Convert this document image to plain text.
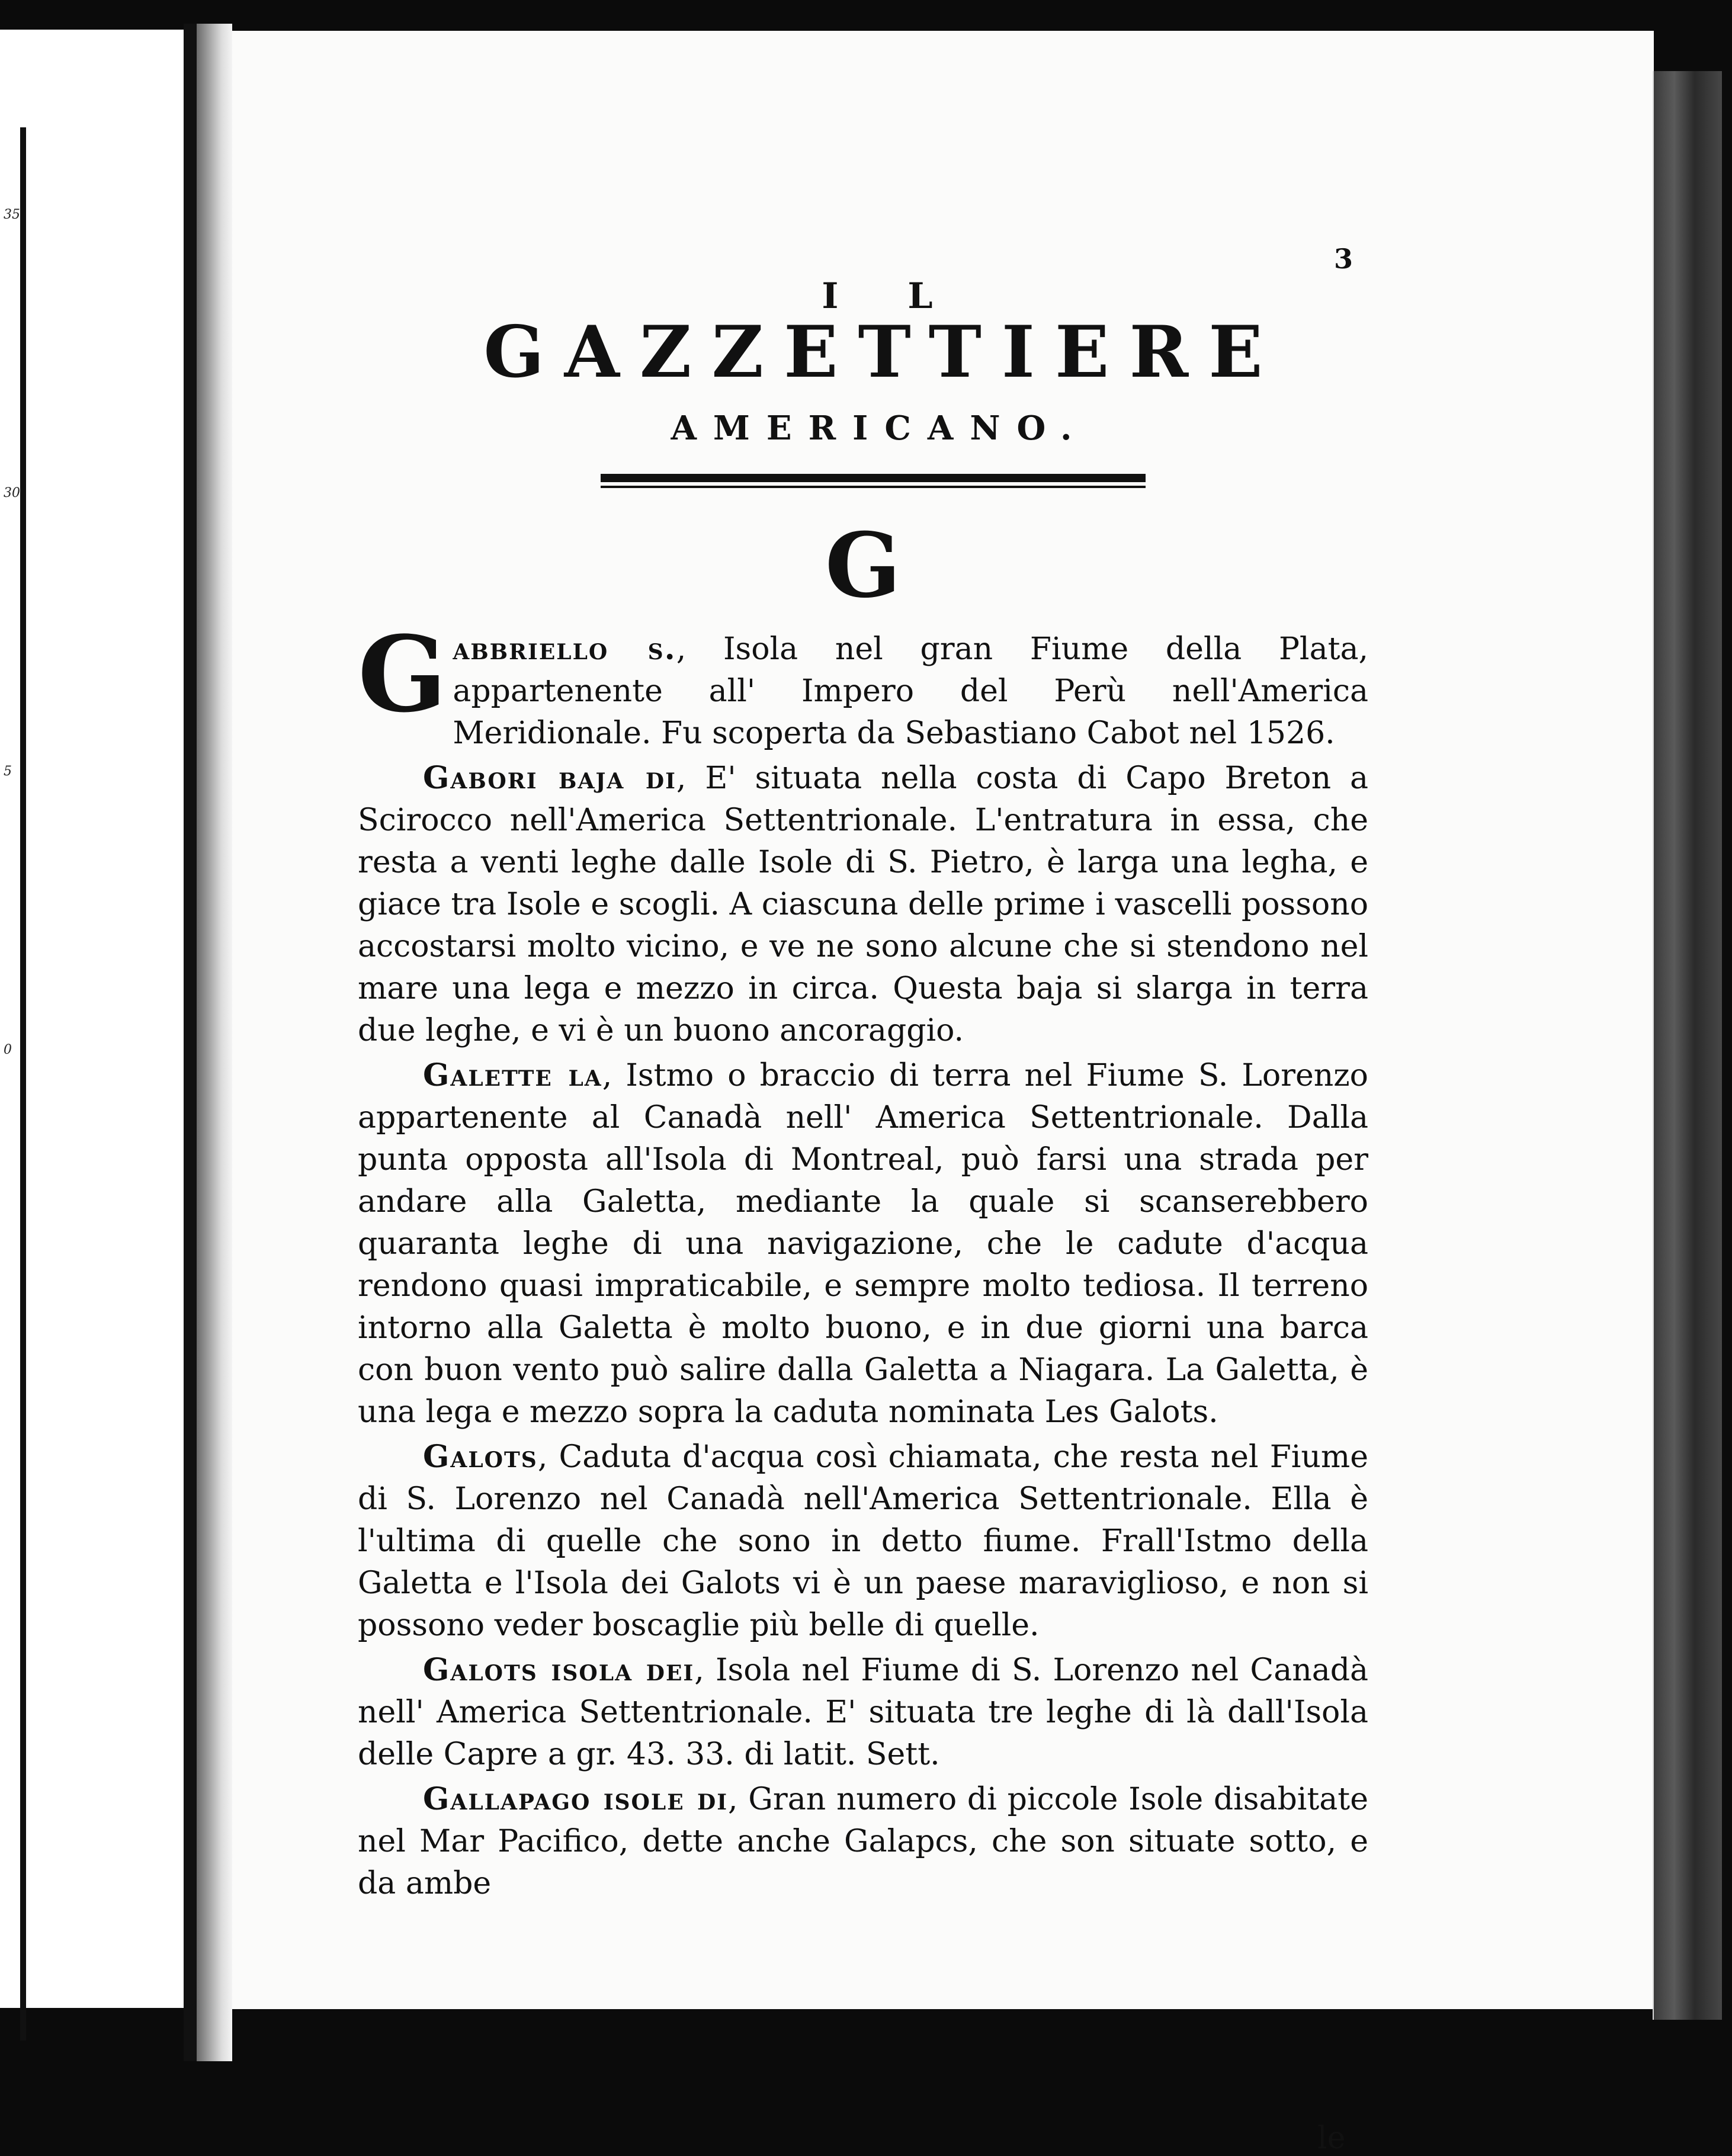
35
30
5
0
3
I L
GAZZETTIERE
AMERICANO.
G

Gabbriello s., Isola nel gran Fiume della Plata, appartenente all' Impero del Perù nell'America Meridionale. Fu scoperta da Sebastiano Cabot nel 1526.

Gabori baja di, E' situata nella costa di Capo Breton a Scirocco nell'America Settentrionale. L'entratura in essa, che resta a venti leghe dalle Isole di S. Pietro, è larga una legha, e giace tra Isole e scogli. A ciascuna delle prime i vascelli possono accostarsi molto vicino, e ve ne sono alcune che si stendono nel mare una lega e mezzo in circa. Questa baja si slarga in terra due leghe, e vi è un buono ancoraggio.

Galette la, Istmo o braccio di terra nel Fiume S. Lorenzo appartenente al Canadà nell' America Settentrionale. Dalla punta opposta all'Isola di Montreal, può farsi una strada per andare alla Galetta, mediante la quale si scanserebbero quaranta leghe di una navigazione, che le cadute d'acqua rendono quasi impraticabile, e sempre molto tediosa. Il terreno intorno alla Galetta è molto buono, e in due giorni una barca con buon vento può salire dalla Galetta a Niagara. La Galetta, è una lega e mezzo sopra la caduta nominata Les Galots.

Galots, Caduta d'acqua così chiamata, che resta nel Fiume di S. Lorenzo nel Canadà nell'America Settentrionale. Ella è l'ultima di quelle che sono in detto fiume. Frall'Istmo della Galetta e l'Isola dei Galots vi è un paese maraviglioso, e non si possono veder boscaglie più belle di quelle.

Galots isola dei, Isola nel Fiume di S. Lorenzo nel Canadà nell' America Settentrionale. E' situata tre leghe di là dall'Isola delle Capre a gr. 43. 33. di latit. Sett.

Gallapago isole di, Gran numero di piccole Isole disabitate nel Mar Pacifico, dette anche Galapcs, che son situate sotto, e da ambe

le
